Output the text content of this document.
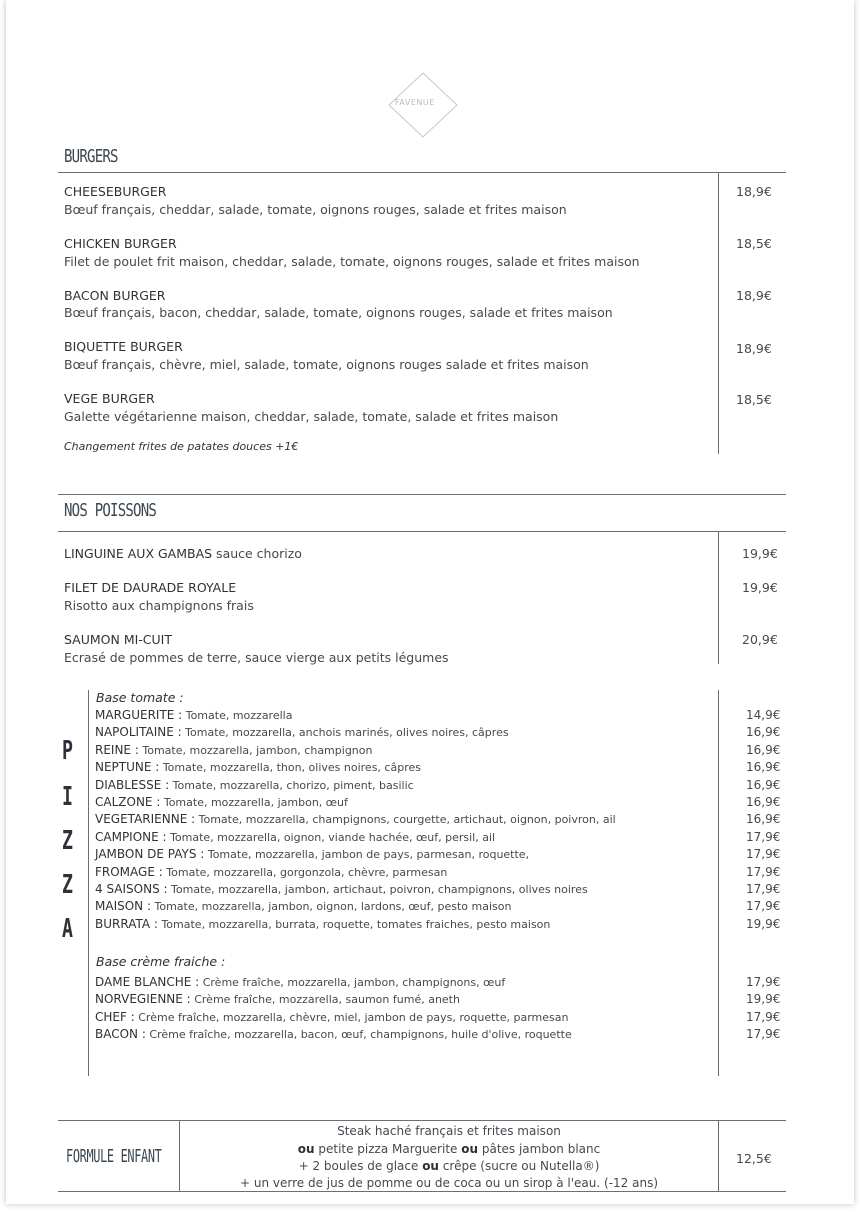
FAVENUE
BURGERS
CHEESEBURGER
Bœuf français, cheddar, salade, tomate, oignons rouges, salade et frites maison
18,9€
CHICKEN BURGER
Filet de poulet frit maison, cheddar, salade, tomate, oignons rouges, salade et frites maison
18,5€
BACON BURGER
Bœuf français, bacon, cheddar, salade, tomate, oignons rouges, salade et frites maison
18,9€
BIQUETTE BURGER
Bœuf français, chèvre, miel, salade, tomate, oignons rouges salade et frites maison
18,9€
VEGE BURGER
Galette végétarienne maison, cheddar, salade, tomate, salade et frites maison
18,5€
Changement frites de patates douces +1€
NOS POISSONS
LINGUINE AUX GAMBAS sauce chorizo	19,9€
FILET DE DAURADE ROYALE
Risotto aux champignons frais
19,9€
SAUMON MI-CUIT
Ecrasé de pommes de terre, sauce vierge aux petits légumes
20,9€
P
I
Z
Z
A
Base tomate :
MARGUERITE : Tomate, mozzarella	14,9€
NAPOLITAINE : Tomate, mozzarella, anchois marinés, olives noires, câpres	16,9€
REINE : Tomate, mozzarella, jambon, champignon	16,9€
NEPTUNE : Tomate, mozzarella, thon, olives noires, câpres	16,9€
DIABLESSE : Tomate, mozzarella, chorizo, piment, basilic	16,9€
CALZONE : Tomate, mozzarella, jambon, œuf	16,9€
VEGETARIENNE : Tomate, mozzarella, champignons, courgette, artichaut, oignon, poivron, ail	16,9€
CAMPIONE : Tomate, mozzarella, oignon, viande hachée, œuf, persil, ail	17,9€
JAMBON DE PAYS : Tomate, mozzarella, jambon de pays, parmesan, roquette,	17,9€
FROMAGE : Tomate, mozzarella, gorgonzola, chèvre, parmesan	17,9€
4 SAISONS : Tomate, mozzarella, jambon, artichaut, poivron, champignons, olives noires	17,9€
MAISON : Tomate, mozzarella, jambon, oignon, lardons, œuf, pesto maison	17,9€
BURRATA : Tomate, mozzarella, burrata, roquette, tomates fraiches, pesto maison	19,9€
Base crème fraiche :
DAME BLANCHE : Crème fraîche, mozzarella, jambon, champignons, œuf	17,9€
NORVEGIENNE : Crème fraîche, mozzarella, saumon fumé, aneth	19,9€
CHEF : Crème fraîche, mozzarella, chèvre, miel, jambon de pays, roquette, parmesan	17,9€
BACON : Crème fraîche, mozzarella, bacon, œuf, champignons, huile d'olive, roquette	17,9€
FORMULE ENFANT
Steak haché français et frites maison
ou petite pizza Marguerite ou pâtes jambon blanc
+ 2 boules de glace ou crêpe (sucre ou Nutella®)
+ un verre de jus de pomme ou de coca ou un sirop à l'eau. (-12 ans)
12,5€
